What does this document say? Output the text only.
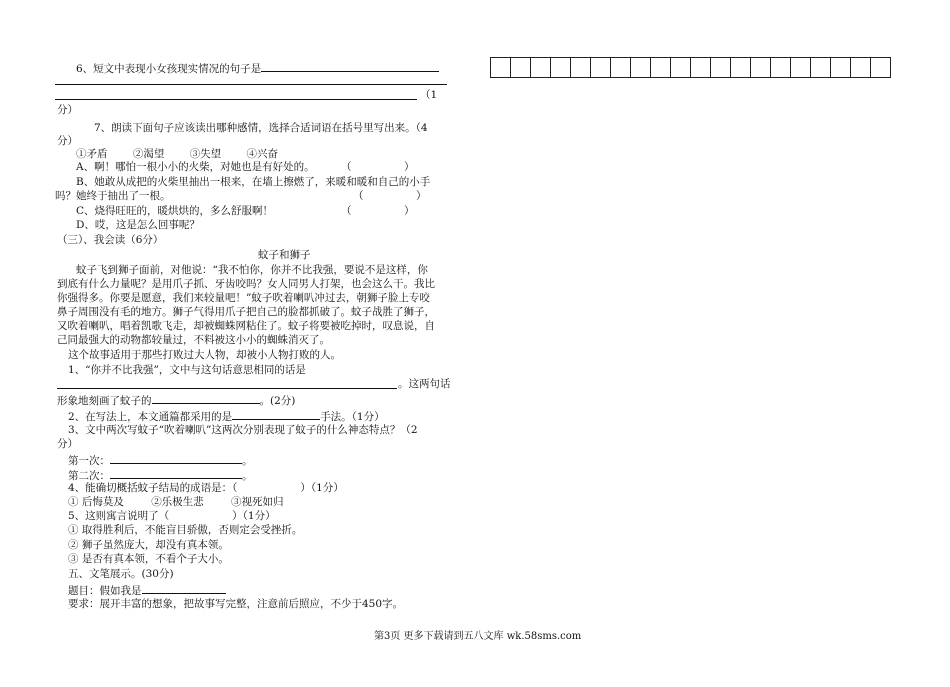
6、短文中表现小女孩现实情况的句子是
（1
分）
7、朗读下面句子应该读出哪种感情，选择合适词语在括号里写出来。（4
分）
①矛盾 ②渴望 ③失望 ④兴奋
A、啊！哪怕一根小小的火柴，对她也是有好处的。	（　　　　　）
B、她敢从成把的火柴里抽出一根来，在墙上擦燃了，来暖和暖和自己的小手
吗？她终于抽出了一根。	（　　　　　）
C、烧得旺旺的，暖烘烘的，多么舒服啊！	（　　　　　）
D、哎，这是怎么回事呢？
（三）、我会读（6分）
蚊子和狮子
蚊子飞到狮子面前，对他说：“我不怕你，你并不比我强，要说不是这样，你
到底有什么力量呢？是用爪子抓、牙齿咬吗？女人同男人打架，也会这么干。我比
你强得多。你要是愿意，我们来较量吧！”蚊子吹着喇叭冲过去，朝狮子脸上专咬
鼻子周围没有毛的地方。狮子气得用爪子把自己的脸都抓破了。蚊子战胜了狮子，
又吹着喇叭，唱着凯歌飞走，却被蜘蛛网粘住了。蚊子将要被吃掉时，叹息说，自
己同最强大的动物都较量过，不料被这小小的蜘蛛消灭了。
这个故事适用于那些打败过大人物，却被小人物打败的人。
1、“你并不比我强”，文中与这句话意思相同的话是
。这两句话
形象地刻画了蚊子的	。(2分)
2、在写法上，本文通篇都采用的是	手法。（1分）
3、文中两次写蚊子“吹着喇叭”这两次分别表现了蚊子的什么神态特点？（2
分）
第一次：	。
第二次：	。
4、能确切概括蚊子结局的成语是：（　　　　　　）（1分）
① 后悔莫及	②乐极生悲	③视死如归
5、这则寓言说明了（　　　　　　）（1分）
① 取得胜利后，不能盲目骄傲，否则定会受挫折。
② 狮子虽然庞大，却没有真本领。
③ 是否有真本领，不看个子大小。
五、文笔展示。(30分)
题目：假如我是
要求：展开丰富的想象，把故事写完整，注意前后照应，不少于450字。
第3页 更多下载请到五八文库 wk.58sms.com
